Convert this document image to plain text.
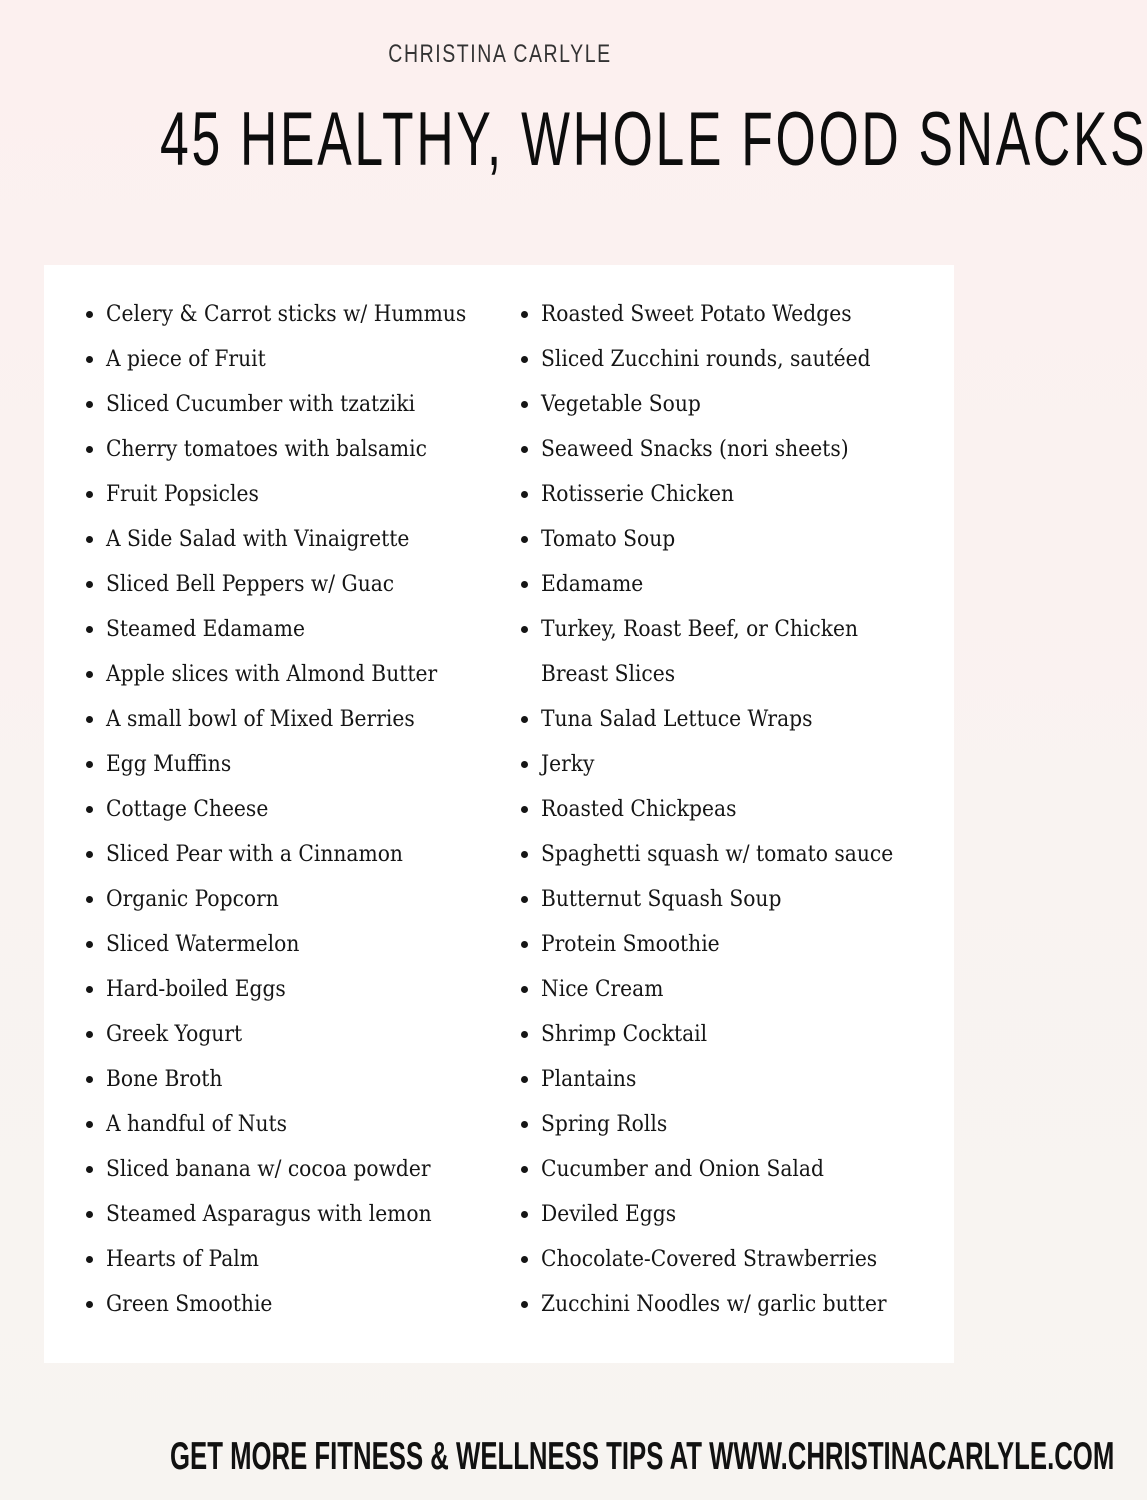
CHRISTINA CARLYLE
45 HEALTHY, WHOLE FOOD SNACKS
Celery & Carrot sticks w/ Hummus
A piece of Fruit
Sliced Cucumber with tzatziki
Cherry tomatoes with balsamic
Fruit Popsicles
A Side Salad with Vinaigrette
Sliced Bell Peppers w/ Guac
Steamed Edamame
Apple slices with Almond Butter
A small bowl of Mixed Berries
Egg Muffins
Cottage Cheese
Sliced Pear with a Cinnamon
Organic Popcorn
Sliced Watermelon
Hard-boiled Eggs
Greek Yogurt
Bone Broth
A handful of Nuts
Sliced banana w/ cocoa powder
Steamed Asparagus with lemon
Hearts of Palm
Green Smoothie
Roasted Sweet Potato Wedges
Sliced Zucchini rounds, sautéed
Vegetable Soup
Seaweed Snacks (nori sheets)
Rotisserie Chicken
Tomato Soup
Edamame
Turkey, Roast Beef, or Chicken Breast Slices
Tuna Salad Lettuce Wraps
Jerky
Roasted Chickpeas
Spaghetti squash w/ tomato sauce
Butternut Squash Soup
Protein Smoothie
Nice Cream
Shrimp Cocktail
Plantains
Spring Rolls
Cucumber and Onion Salad
Deviled Eggs
Chocolate-Covered Strawberries
Zucchini Noodles w/ garlic butter
GET MORE FITNESS & WELLNESS TIPS AT WWW.CHRISTINACARLYLE.COM
